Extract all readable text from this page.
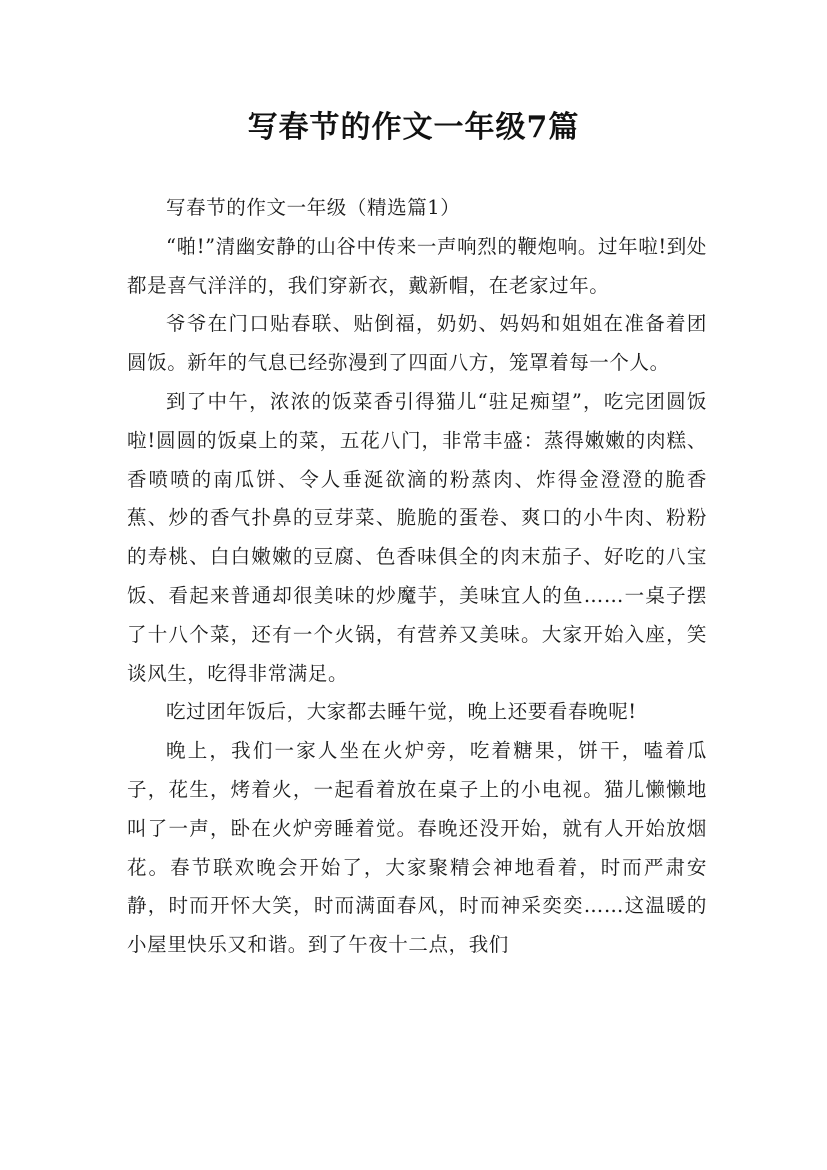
写春节的作文一年级7篇

写春节的作文一年级（精选篇1）

“啪!”清幽安静的山谷中传来一声响烈的鞭炮响。过年啦!到处都是喜气洋洋的，我们穿新衣，戴新帽，在老家过年。

爷爷在门口贴春联、贴倒福，奶奶、妈妈和姐姐在准备着团圆饭。新年的气息已经弥漫到了四面八方，笼罩着每一个人。

到了中午，浓浓的饭菜香引得猫儿“驻足痴望”，吃完团圆饭啦!圆圆的饭桌上的菜，五花八门，非常丰盛：蒸得嫩嫩的肉糕、香喷喷的南瓜饼、令人垂涎欲滴的粉蒸肉、炸得金澄澄的脆香蕉、炒的香气扑鼻的豆芽菜、脆脆的蛋卷、爽口的小牛肉、粉粉的寿桃、白白嫩嫩的豆腐、色香味俱全的肉末茄子、好吃的八宝饭、看起来普通却很美味的炒魔芋，美味宜人的鱼……一桌子摆了十八个菜，还有一个火锅，有营养又美味。大家开始入座，笑谈风生，吃得非常满足。

吃过团年饭后，大家都去睡午觉，晚上还要看春晚呢!

晚上，我们一家人坐在火炉旁，吃着糖果，饼干，嗑着瓜子，花生，烤着火，一起看着放在桌子上的小电视。猫儿懒懒地叫了一声，卧在火炉旁睡着觉。春晚还没开始，就有人开始放烟花。春节联欢晚会开始了，大家聚精会神地看着，时而严肃安静，时而开怀大笑，时而满面春风，时而神采奕奕……这温暖的小屋里快乐又和谐。到了午夜十二点，我们
